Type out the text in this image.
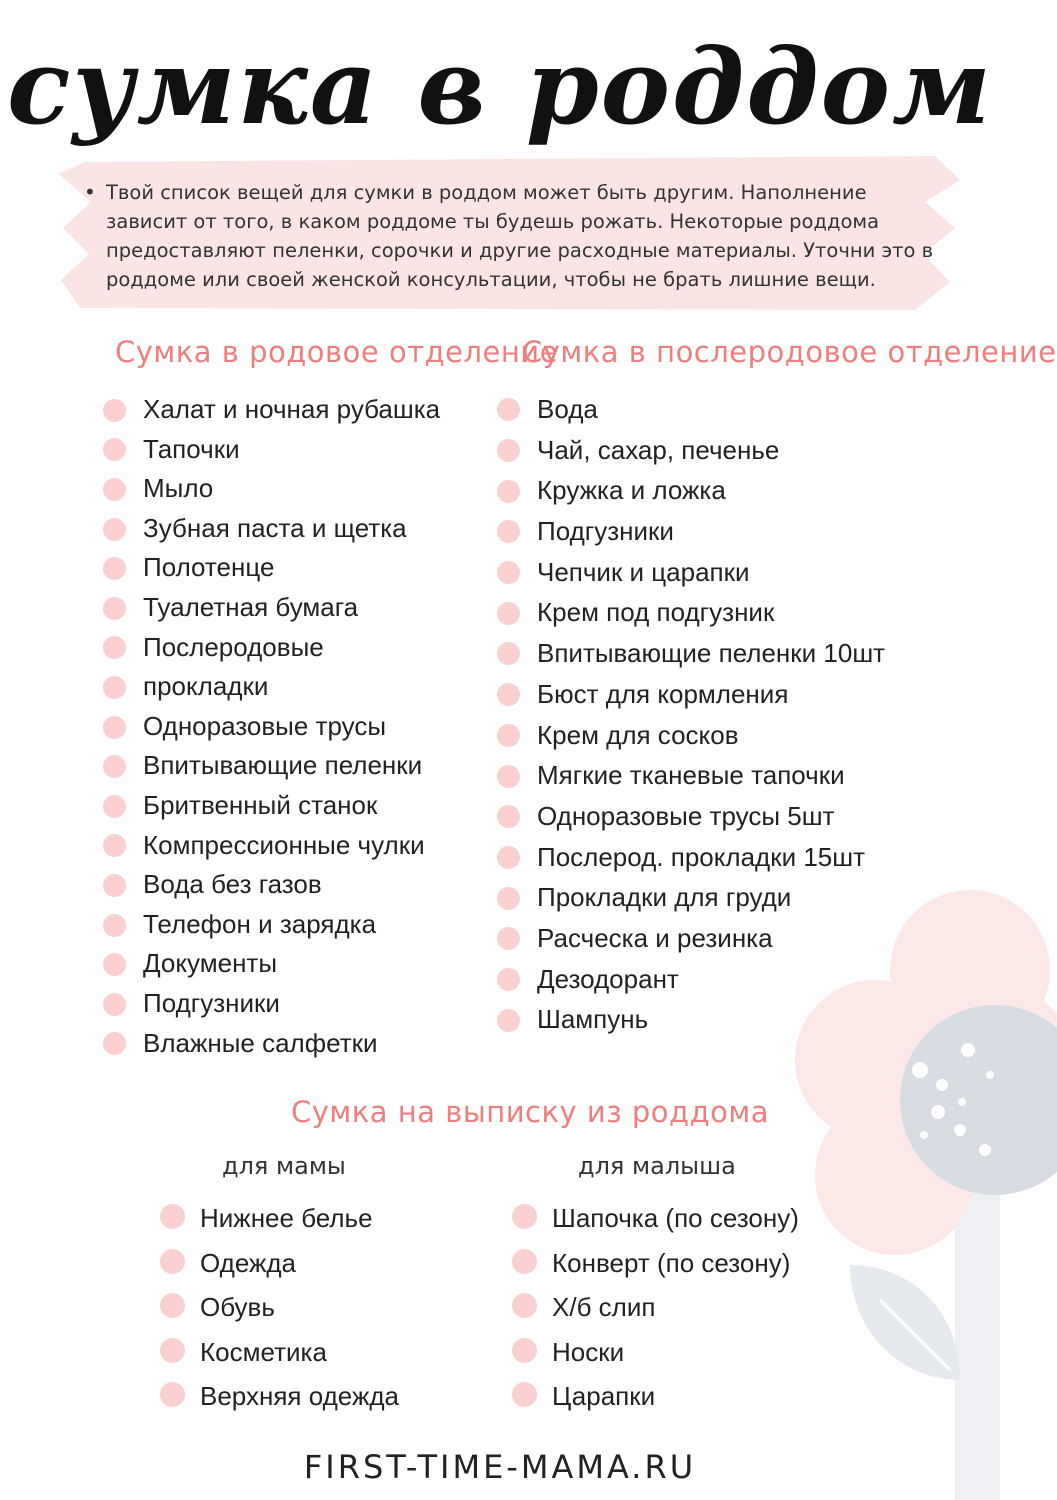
сумка в роддом
• Твой список вещей для сумки в роддом может быть другим. Наполнение зависит от того, в каком роддоме ты будешь рожать. Некоторые роддома предоставляют пеленки, сорочки и другие расходные материалы. Уточни это в роддоме или своей женской консультации, чтобы не брать лишние вещи.
Сумка в родовое отделение
Сумка в послеродовое отделение
Халат и ночная рубашка
Тапочки
Мыло
Зубная паста и щетка
Полотенце
Туалетная бумага
Послеродовые
прокладки
Одноразовые трусы
Впитывающие пеленки
Бритвенный станок
Компрессионные чулки
Вода без газов
Телефон и зарядка
Документы
Подгузники
Влажные салфетки
Вода
Чай, сахар, печенье
Кружка и ложка
Подгузники
Чепчик и царапки
Крем под подгузник
Впитывающие пеленки 10шт
Бюст для кормления
Крем для сосков
Мягкие тканевые тапочки
Одноразовые трусы 5шт
Послерод. прокладки 15шт
Прокладки для груди
Расческа и резинка
Дезодорант
Шампунь
Сумка на выписку из роддома
для мамы	для малыша
Нижнее белье
Одежда
Обувь
Косметика
Верхняя одежда
Шапочка (по сезону)
Конверт (по сезону)
Х/б слип
Носки
Царапки
FIRST-TIME-MAMA.RU
